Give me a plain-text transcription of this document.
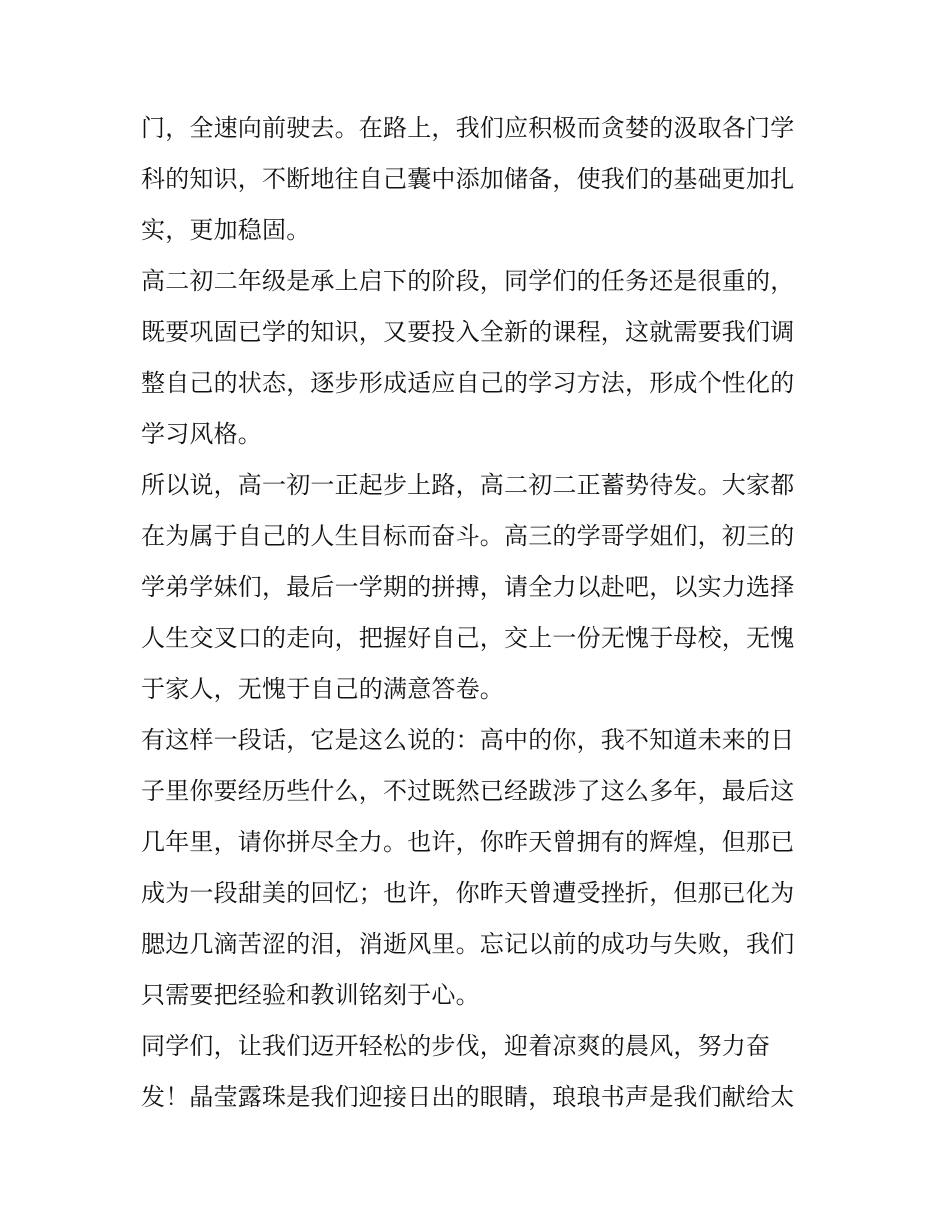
门，全速向前驶去。在路上，我们应积极而贪婪的汲取各门学
科的知识，不断地往自己囊中添加储备，使我们的基础更加扎
实，更加稳固。
高二初二年级是承上启下的阶段，同学们的任务还是很重的，
既要巩固已学的知识，又要投入全新的课程，这就需要我们调
整自己的状态，逐步形成适应自己的学习方法，形成个性化的
学习风格。
所以说，高一初一正起步上路，高二初二正蓄势待发。大家都
在为属于自己的人生目标而奋斗。高三的学哥学姐们，初三的
学弟学妹们，最后一学期的拼搏，请全力以赴吧，以实力选择
人生交叉口的走向，把握好自己，交上一份无愧于母校，无愧
于家人，无愧于自己的满意答卷。
有这样一段话，它是这么说的：高中的你，我不知道未来的日
子里你要经历些什么，不过既然已经跋涉了这么多年，最后这
几年里，请你拼尽全力。也许，你昨天曾拥有的辉煌，但那已
成为一段甜美的回忆；也许，你昨天曾遭受挫折，但那已化为
腮边几滴苦涩的泪，消逝风里。忘记以前的成功与失败，我们
只需要把经验和教训铭刻于心。
同学们，让我们迈开轻松的步伐，迎着凉爽的晨风，努力奋
发！晶莹露珠是我们迎接日出的眼睛，琅琅书声是我们献给太
